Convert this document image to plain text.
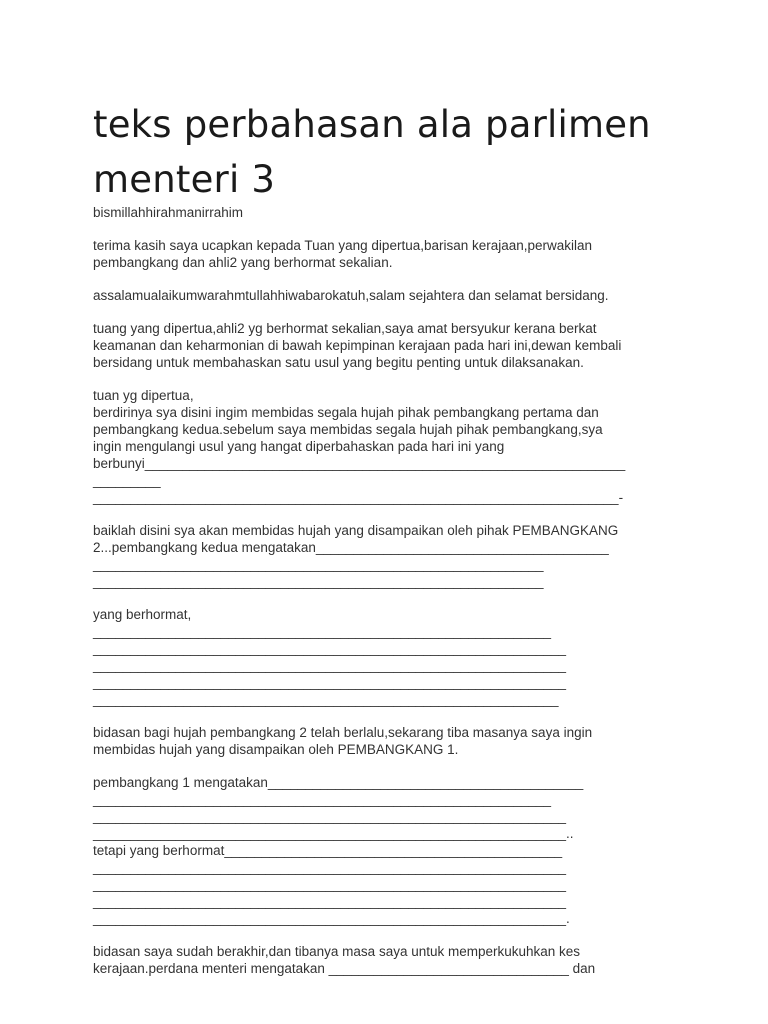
teks perbahasan ala parlimen menteri 3

bismillahhirahmanirrahim

terima kasih saya ucapkan kepada Tuan yang dipertua,barisan kerajaan,perwakilan

pembangkang dan ahli2 yang berhormat sekalian.

assalamualaikumwarahmtullahhiwabarokatuh,salam sejahtera dan selamat bersidang.

tuang yang dipertua,ahli2 yg berhormat sekalian,saya amat bersyukur kerana berkat

keamanan dan keharmonian di bawah kepimpinan kerajaan pada hari ini,dewan kembali

bersidang untuk membahaskan satu usul yang begitu penting untuk dilaksanakan.

tuan yg dipertua,

berdirinya sya disini ingim membidas segala hujah pihak pembangkang pertama dan

pembangkang kedua.sebelum saya membidas segala hujah pihak pembangkang,sya

ingin mengulangi usul yang hangat diperbahaskan pada hari ini yang

berbunyi________________________________________________________________

_________

______________________________________________________________________-

baiklah disini sya akan membidas hujah yang disampaikan oleh pihak PEMBANGKANG

2...pembangkang kedua mengatakan_______________________________________

____________________________________________________________

____________________________________________________________

yang berhormat,

_____________________________________________________________

_______________________________________________________________

_______________________________________________________________

_______________________________________________________________

______________________________________________________________

bidasan bagi hujah pembangkang 2 telah berlalu,sekarang tiba masanya saya ingin

membidas hujah yang disampaikan oleh PEMBANGKANG 1.

pembangkang 1 mengatakan__________________________________________

_____________________________________________________________

_______________________________________________________________

_______________________________________________________________..

tetapi yang berhormat_____________________________________________

_______________________________________________________________

_______________________________________________________________

_______________________________________________________________

_______________________________________________________________.

bidasan saya sudah berakhir,dan tibanya masa saya untuk memperkukuhkan kes

kerajaan.perdana menteri mengatakan ________________________________ dan
